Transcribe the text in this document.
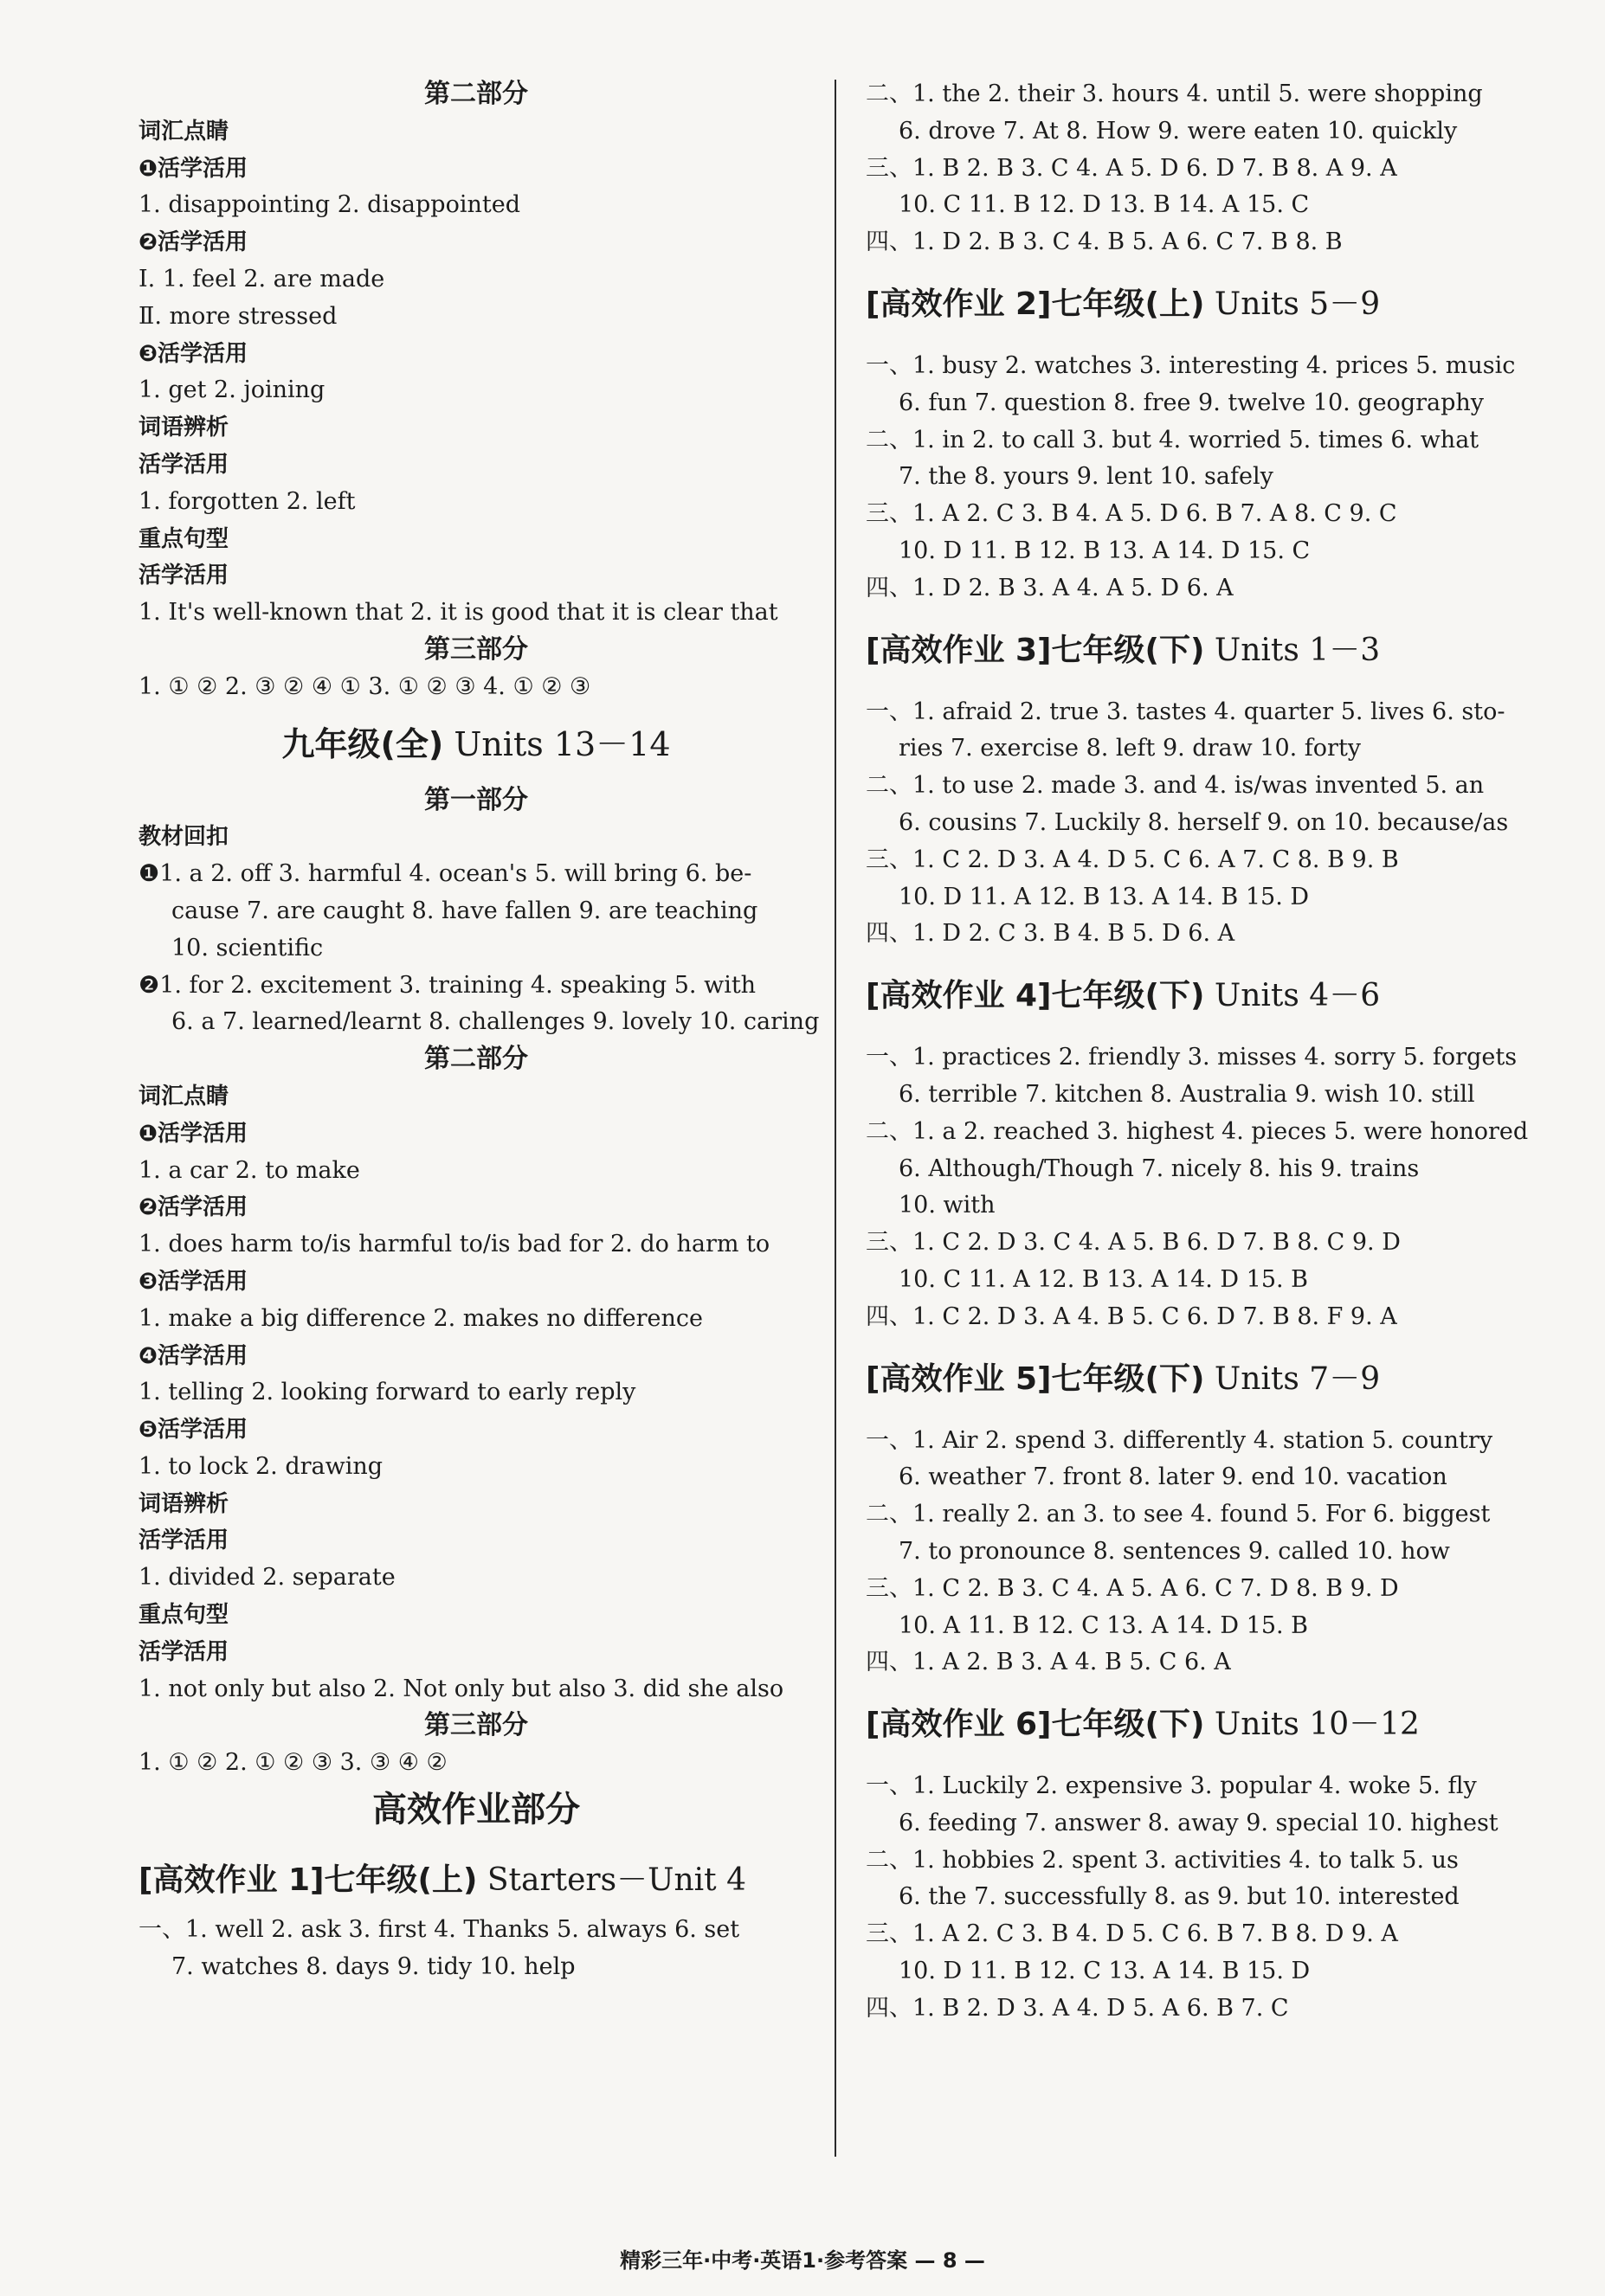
第二部分
词汇点睛
❶活学活用
1. disappointing 2. disappointed
❷活学活用
Ⅰ. 1. feel 2. are made
Ⅱ. more stressed
❸活学活用
1. get 2. joining
词语辨析
活学活用
1. forgotten 2. left
重点句型
活学活用
1. It's well-known that 2. it is good that it is clear that
第三部分
1. ① ② 2. ③ ② ④ ① 3. ① ② ③ 4. ① ② ③
九年级(全) Units 13－14
第一部分
教材回扣
❶1. a 2. off 3. harmful 4. ocean's 5. will bring 6. be-
cause 7. are caught 8. have fallen 9. are teaching
10. scientific
❷1. for 2. excitement 3. training 4. speaking 5. with
6. a 7. learned/learnt 8. challenges 9. lovely 10. caring
第二部分
词汇点睛
❶活学活用
1. a car 2. to make
❷活学活用
1. does harm to/is harmful to/is bad for 2. do harm to
❸活学活用
1. make a big difference 2. makes no difference
❹活学活用
1. telling 2. looking forward to early reply
❺活学活用
1. to lock 2. drawing
词语辨析
活学活用
1. divided 2. separate
重点句型
活学活用
1. not only but also 2. Not only but also 3. did she also
第三部分
1. ① ② 2. ① ② ③ 3. ③ ④ ②
高效作业部分
[高效作业 1]七年级(上) Starters－Unit 4
一、1. well 2. ask 3. first 4. Thanks 5. always 6. set
7. watches 8. days 9. tidy 10. help
二、1. the 2. their 3. hours 4. until 5. were shopping
6. drove 7. At 8. How 9. were eaten 10. quickly
三、1. B 2. B 3. C 4. A 5. D 6. D 7. B 8. A 9. A
10. C 11. B 12. D 13. B 14. A 15. C
四、1. D 2. B 3. C 4. B 5. A 6. C 7. B 8. B
[高效作业 2]七年级(上) Units 5－9
一、1. busy 2. watches 3. interesting 4. prices 5. music
6. fun 7. question 8. free 9. twelve 10. geography
二、1. in 2. to call 3. but 4. worried 5. times 6. what
7. the 8. yours 9. lent 10. safely
三、1. A 2. C 3. B 4. A 5. D 6. B 7. A 8. C 9. C
10. D 11. B 12. B 13. A 14. D 15. C
四、1. D 2. B 3. A 4. A 5. D 6. A
[高效作业 3]七年级(下) Units 1－3
一、1. afraid 2. true 3. tastes 4. quarter 5. lives 6. sto-
ries 7. exercise 8. left 9. draw 10. forty
二、1. to use 2. made 3. and 4. is/was invented 5. an
6. cousins 7. Luckily 8. herself 9. on 10. because/as
三、1. C 2. D 3. A 4. D 5. C 6. A 7. C 8. B 9. B
10. D 11. A 12. B 13. A 14. B 15. D
四、1. D 2. C 3. B 4. B 5. D 6. A
[高效作业 4]七年级(下) Units 4－6
一、1. practices 2. friendly 3. misses 4. sorry 5. forgets
6. terrible 7. kitchen 8. Australia 9. wish 10. still
二、1. a 2. reached 3. highest 4. pieces 5. were honored
6. Although/Though 7. nicely 8. his 9. trains
10. with
三、1. C 2. D 3. C 4. A 5. B 6. D 7. B 8. C 9. D
10. C 11. A 12. B 13. A 14. D 15. B
四、1. C 2. D 3. A 4. B 5. C 6. D 7. B 8. F 9. A
[高效作业 5]七年级(下) Units 7－9
一、1. Air 2. spend 3. differently 4. station 5. country
6. weather 7. front 8. later 9. end 10. vacation
二、1. really 2. an 3. to see 4. found 5. For 6. biggest
7. to pronounce 8. sentences 9. called 10. how
三、1. C 2. B 3. C 4. A 5. A 6. C 7. D 8. B 9. D
10. A 11. B 12. C 13. A 14. D 15. B
四、1. A 2. B 3. A 4. B 5. C 6. A
[高效作业 6]七年级(下) Units 10－12
一、1. Luckily 2. expensive 3. popular 4. woke 5. fly
6. feeding 7. answer 8. away 9. special 10. highest
二、1. hobbies 2. spent 3. activities 4. to talk 5. us
6. the 7. successfully 8. as 9. but 10. interested
三、1. A 2. C 3. B 4. D 5. C 6. B 7. B 8. D 9. A
10. D 11. B 12. C 13. A 14. B 15. D
四、1. B 2. D 3. A 4. D 5. A 6. B 7. C
精彩三年·中考·英语1·参考答案 — 8 —
